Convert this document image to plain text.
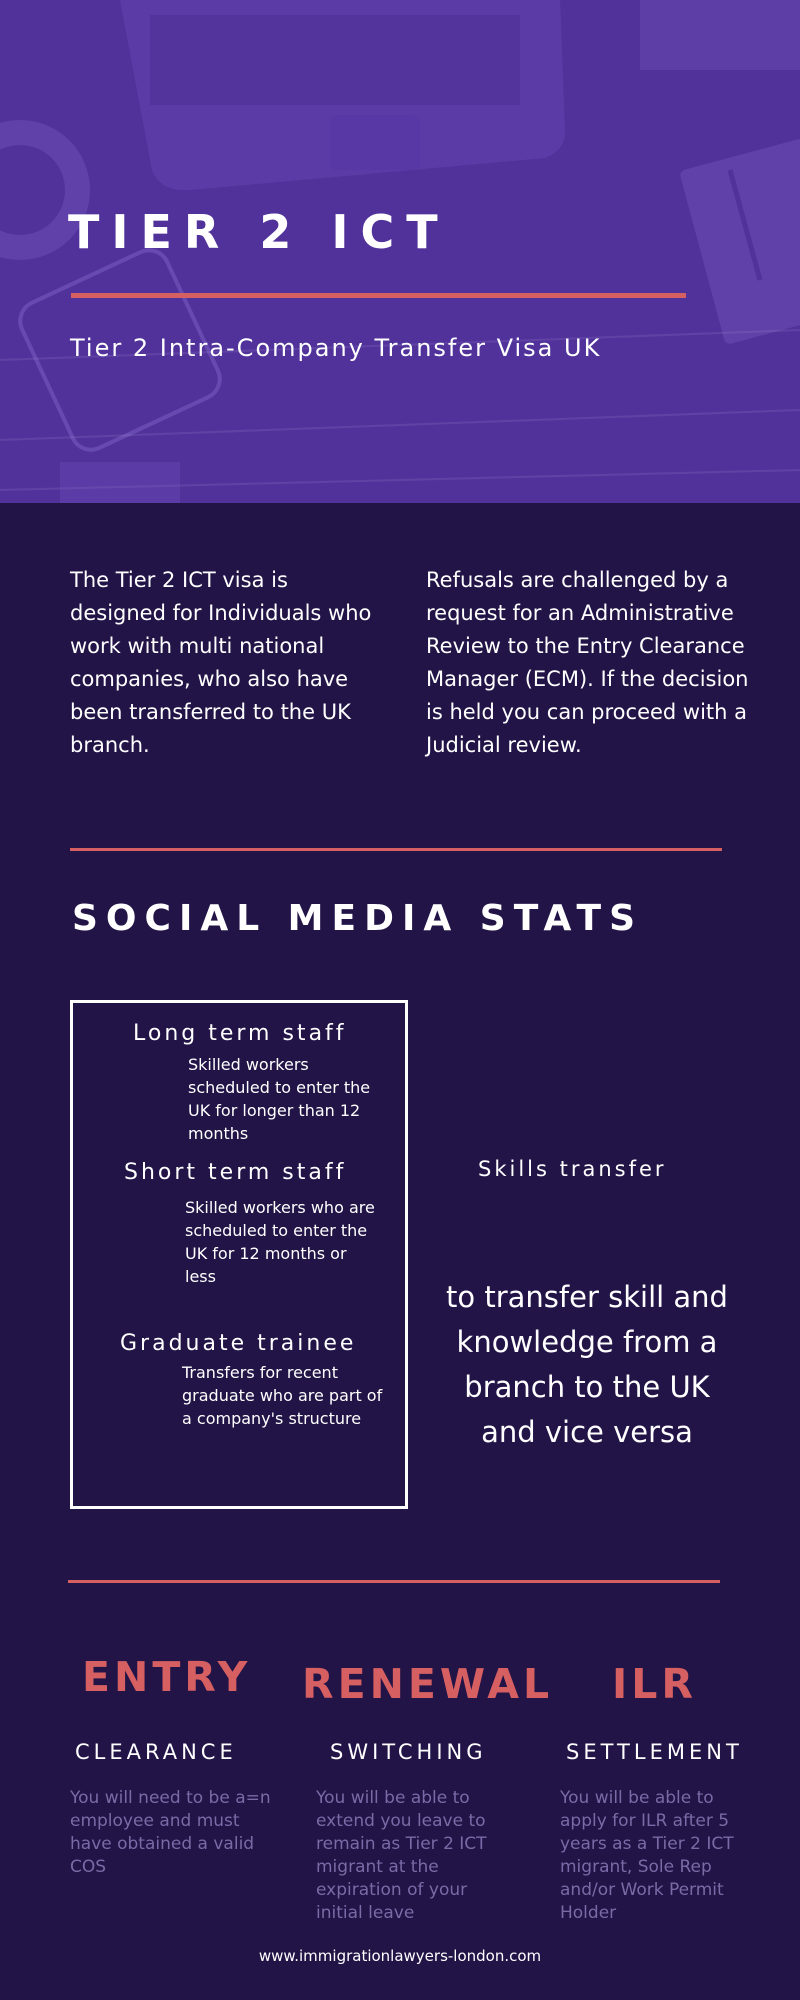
TIER 2 ICT
Tier 2 Intra-Company Transfer Visa UK
The Tier 2 ICT visa is designed for Individuals who work with multi national companies, who also have been transferred to the UK branch.
Refusals are challenged by a request for an Administrative Review to the Entry Clearance Manager (ECM). If the decision is held you can proceed with a Judicial review.
SOCIAL MEDIA STATS
Long term staff
Skilled workers scheduled to enter the UK for longer than 12 months
Short term staff
Skilled workers who are scheduled to enter the UK for 12 months or less
Graduate trainee
Transfers for recent graduate who are part of a company's structure
Skills transfer
to transfer skill and knowledge from a branch to the UK and vice versa
ENTRY
CLEARANCE
You will need to be a=n employee and must have obtained a valid COS
RENEWAL
SWITCHING
You will be able to extend you leave to remain as Tier 2 ICT migrant at the expiration of your initial leave
ILR
SETTLEMENT
You will be able to apply for ILR after 5 years as a Tier 2 ICT migrant, Sole Rep and/or Work Permit Holder
www.immigrationlawyers-london.com
